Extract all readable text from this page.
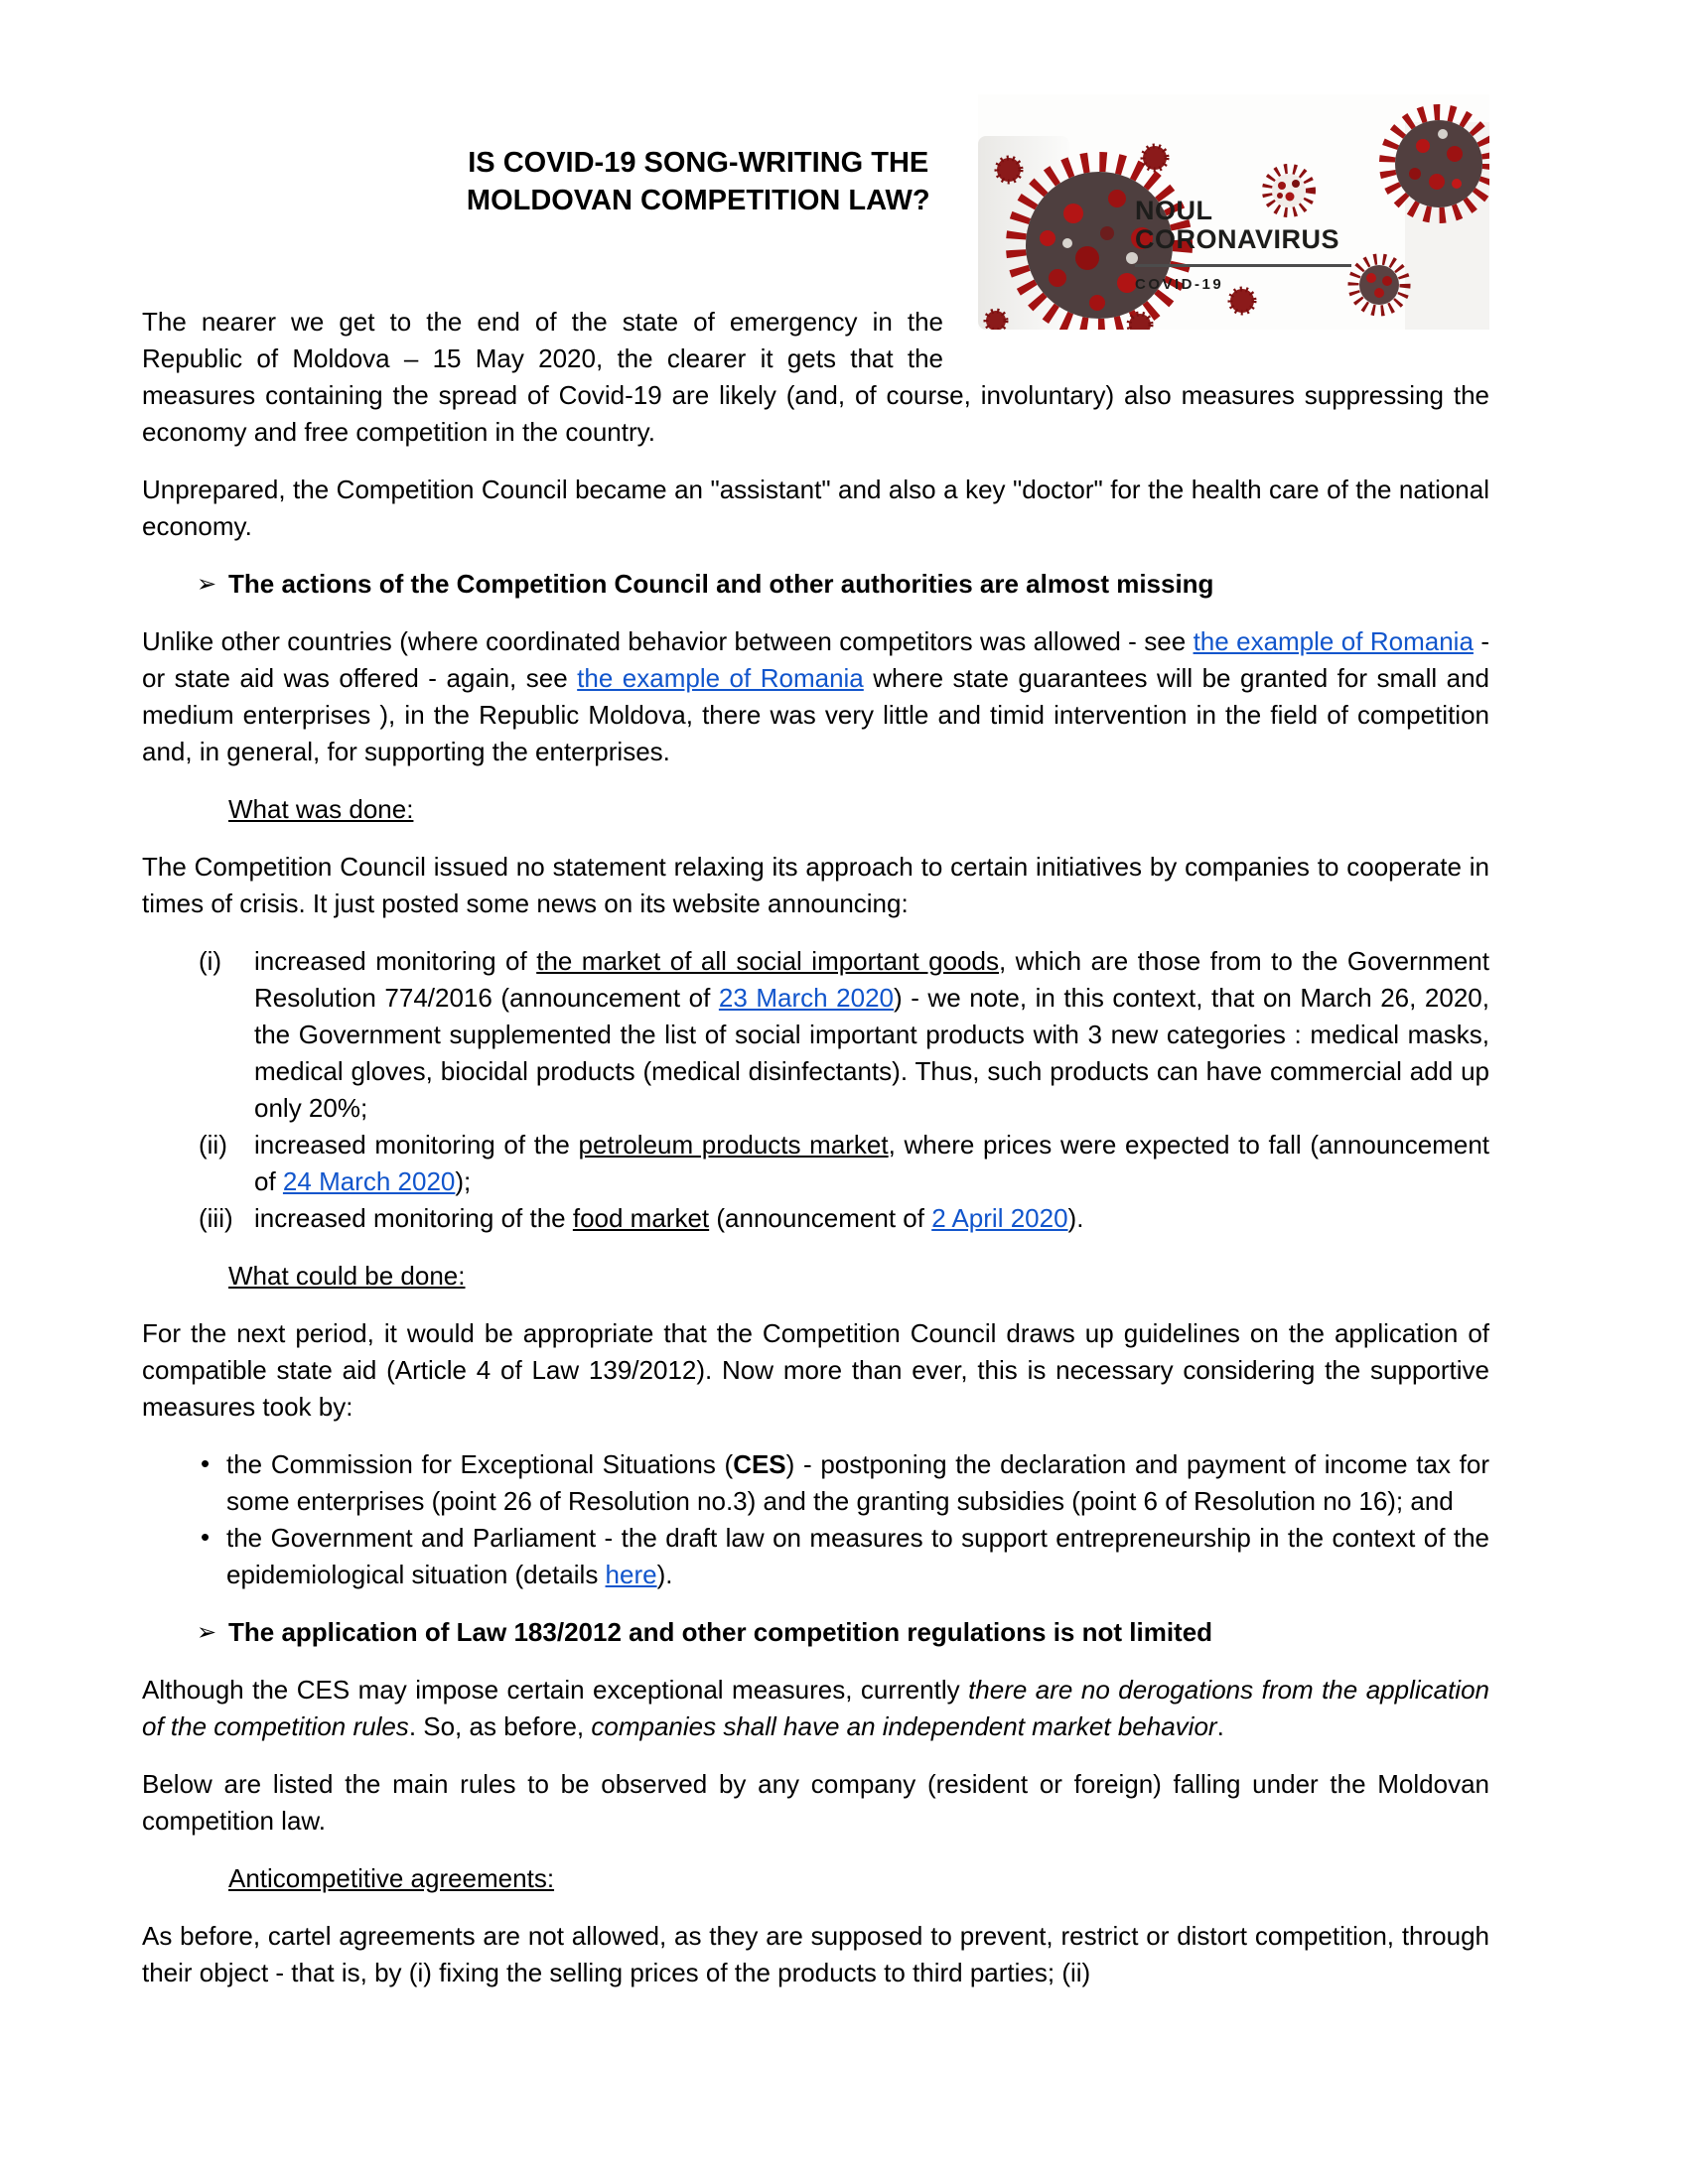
NOUL
CORONAVIRUS
COVID-19
IS COVID-19 SONG-WRITING THE MOLDOVAN COMPETITION LAW?
The nearer we get to the end of the state of emergency in the Republic of Moldova – 15 May 2020, the clearer it gets that the measures containing the spread of Covid-19 are likely (and, of course, involuntary) also measures suppressing the economy and free competition in the country.
Unprepared, the Competition Council became an "assistant" and also a key "doctor" for the health care of the national economy.
➢ The actions of the Competition Council and other authorities are almost missing
Unlike other countries (where coordinated behavior between competitors was allowed - see the example of Romania - or state aid was offered - again, see the example of Romania where state guarantees will be granted for small and medium enterprises ), in the Republic Moldova, there was very little and timid intervention in the field of competition and, in general, for supporting the enterprises.
What was done:
The Competition Council issued no statement relaxing its approach to certain initiatives by companies to cooperate in times of crisis. It just posted some news on its website announcing:
(i) increased monitoring of the market of all social important goods, which are those from to the Government Resolution 774/2016 (announcement of 23 March 2020) - we note, in this context, that on March 26, 2020, the Government supplemented the list of social important products with 3 new categories : medical masks, medical gloves, biocidal products (medical disinfectants). Thus, such products can have commercial add up only 20%;
(ii) increased monitoring of the petroleum products market, where prices were expected to fall (announcement of 24 March 2020);
(iii) increased monitoring of the food market (announcement of 2 April 2020).
What could be done:
For the next period, it would be appropriate that the Competition Council draws up guidelines on the application of compatible state aid (Article 4 of Law 139/2012). Now more than ever, this is necessary considering the supportive measures took by:
• the Commission for Exceptional Situations (CES) - postponing the declaration and payment of income tax for some enterprises (point 26 of Resolution no.3) and the granting subsidies (point 6 of Resolution no 16); and
• the Government and Parliament - the draft law on measures to support entrepreneurship in the context of the epidemiological situation (details here).
➢ The application of Law 183/2012 and other competition regulations is not limited
Although the CES may impose certain exceptional measures, currently there are no derogations from the application of the competition rules. So, as before, companies shall have an independent market behavior.
Below are listed the main rules to be observed by any company (resident or foreign) falling under the Moldovan competition law.
Anticompetitive agreements:
As before, cartel agreements are not allowed, as they are supposed to prevent, restrict or distort competition, through their object - that is, by (i) fixing the selling prices of the products to third parties; (ii)
